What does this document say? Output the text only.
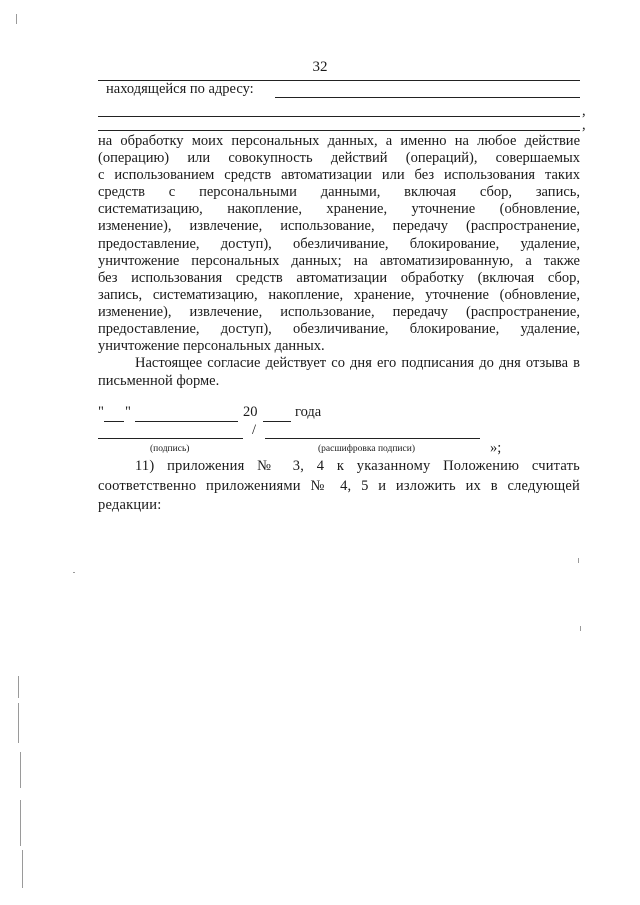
32
находящейся по адресу:
,
,
на обработку моих персональных данных, а именно на любое действие
(операцию) или совокупность действий (операций), совершаемых
с использованием средств автоматизации или без использования таких
средств с персональными данными, включая сбор, запись,
систематизацию, накопление, хранение, уточнение (обновление,
изменение), извлечение, использование, передачу (распространение,
предоставление, доступ), обезличивание, блокирование, удаление,
уничтожение персональных данных; на автоматизированную, а также
без использования средств автоматизации обработку (включая сбор,
запись, систематизацию, накопление, хранение, уточнение (обновление,
изменение), извлечение, использование, передачу (распространение,
предоставление, доступ), обезличивание, блокирование, удаление,
уничтожение персональных данных.

Настоящее согласие действует со дня его подписания до дня отзыва в письменной форме.

" "	20	года
/
»;
(подпись)	(расшифровка подписи)

11) приложения № 3, 4 к указанному Положению считать соответственно приложениями № 4, 5 и изложить их в следующей редакции:
